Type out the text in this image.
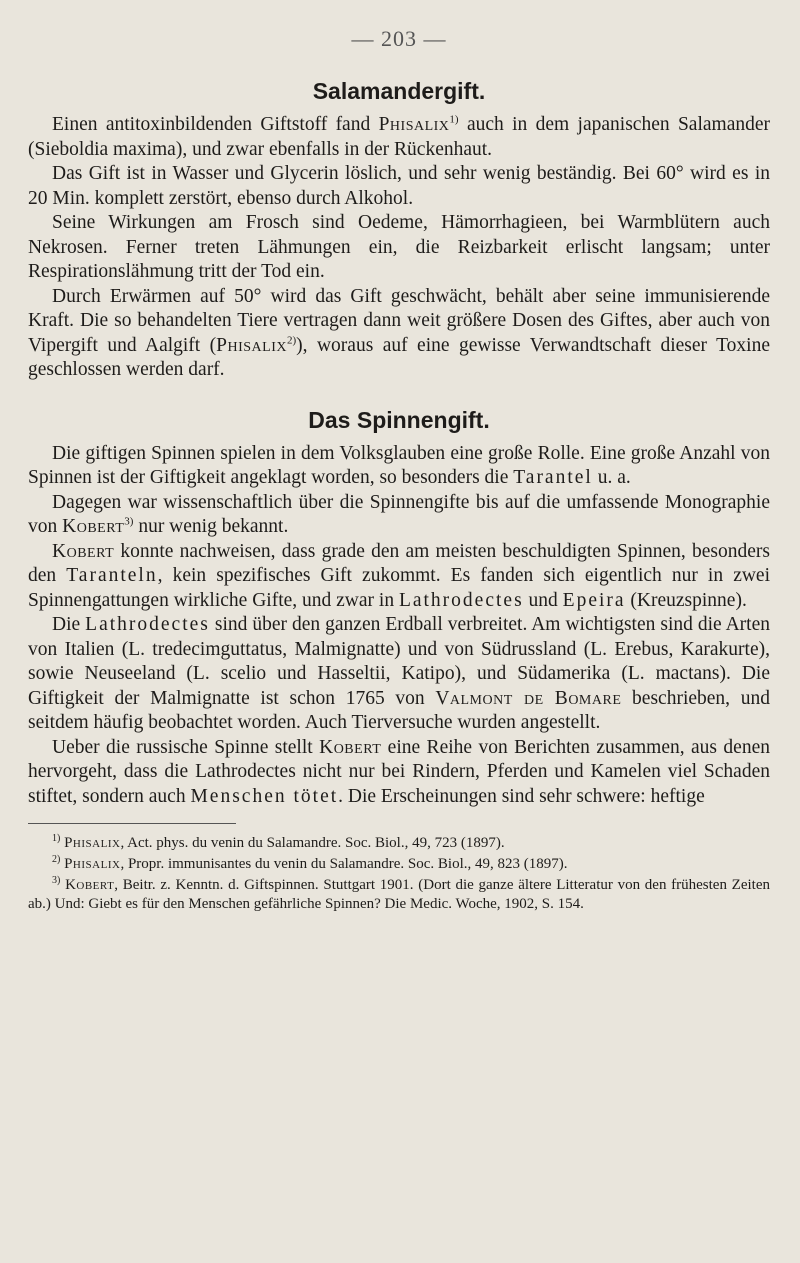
— 203 —
Salamandergift.

Einen antitoxinbildenden Giftstoff fand Phisalix$^{1)}$ auch in dem japanischen Salamander (Sieboldia maxima), und zwar ebenfalls in der Rückenhaut.

Das Gift ist in Wasser und Glycerin löslich, und sehr wenig beständig. Bei 60° wird es in 20 Min. komplett zerstört, ebenso durch Alkohol.

Seine Wirkungen am Frosch sind Oedeme, Hämorrhagieen, bei Warmblütern auch Nekrosen. Ferner treten Lähmungen ein, die Reizbarkeit erlischt langsam; unter Respirationslähmung tritt der Tod ein.

Durch Erwärmen auf 50° wird das Gift geschwächt, behält aber seine immunisierende Kraft. Die so behandelten Tiere vertragen dann weit größere Dosen des Giftes, aber auch von Vipergift und Aalgift (Phisalix$^{2)}$), woraus auf eine gewisse Verwandtschaft dieser Toxine geschlossen werden darf.

Das Spinnengift.

Die giftigen Spinnen spielen in dem Volksglauben eine große Rolle. Eine große Anzahl von Spinnen ist der Giftigkeit angeklagt worden, so besonders die Tarantel u. a.

Dagegen war wissenschaftlich über die Spinnengifte bis auf die umfassende Monographie von Kobert$^{3)}$ nur wenig bekannt.

Kobert konnte nachweisen, dass grade den am meisten beschuldigten Spinnen, besonders den Taranteln, kein spezifisches Gift zukommt. Es fanden sich eigentlich nur in zwei Spinnengattungen wirkliche Gifte, und zwar in Lathrodectes und Epeira (Kreuzspinne).

Die Lathrodectes sind über den ganzen Erdball verbreitet. Am wichtigsten sind die Arten von Italien (L. tredecimguttatus, Malmignatte) und von Südrussland (L. Erebus, Karakurte), sowie Neuseeland (L. scelio und Hasseltii, Katipo), und Südamerika (L. mactans). Die Giftigkeit der Malmignatte ist schon 1765 von Valmont de Bomare beschrieben, und seitdem häufig beobachtet worden. Auch Tierversuche wurden angestellt.

Ueber die russische Spinne stellt Kobert eine Reihe von Berichten zusammen, aus denen hervorgeht, dass die Lathrodectes nicht nur bei Rindern, Pferden und Kamelen viel Schaden stiftet, sondern auch Menschen tötet. Die Erscheinungen sind sehr schwere: heftige

$^{1)}$ Phisalix, Act. phys. du venin du Salamandre. Soc. Biol., 49, 723 (1897).
$^{2)}$ Phisalix, Propr. immunisantes du venin du Salamandre. Soc. Biol., 49, 823 (1897).
$^{3)}$ Kobert, Beitr. z. Kenntn. d. Giftspinnen. Stuttgart 1901. (Dort die ganze ältere Litteratur von den frühesten Zeiten ab.) Und: Giebt es für den Menschen gefährliche Spinnen? Die Medic. Woche, 1902, S. 154.
